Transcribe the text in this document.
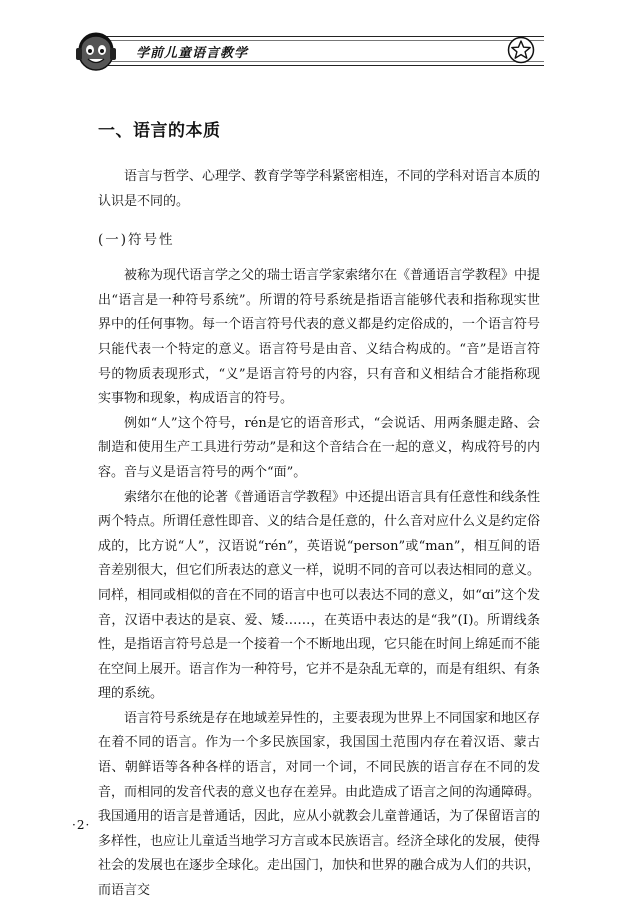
学前儿童语言教学
一、语言的本质

语言与哲学、心理学、教育学等学科紧密相连，不同的学科对语言本质的认识是不同的。

(一)符号性

被称为现代语言学之父的瑞士语言学家索绪尔在《普通语言学教程》中提出“语言是一种符号系统”。所谓的符号系统是指语言能够代表和指称现实世界中的任何事物。每一个语言符号代表的意义都是约定俗成的，一个语言符号只能代表一个特定的意义。语言符号是由音、义结合构成的。“音”是语言符号的物质表现形式，“义”是语言符号的内容，只有音和义相结合才能指称现实事物和现象，构成语言的符号。

例如“人”这个符号，rén是它的语音形式，“会说话、用两条腿走路、会制造和使用生产工具进行劳动”是和这个音结合在一起的意义，构成符号的内容。音与义是语言符号的两个“面”。

索绪尔在他的论著《普通语言学教程》中还提出语言具有任意性和线条性两个特点。所谓任意性即音、义的结合是任意的，什么音对应什么义是约定俗成的，比方说“人”，汉语说“rén”，英语说“person”或“man”，相互间的语音差别很大，但它们所表达的意义一样，说明不同的音可以表达相同的意义。同样，相同或相似的音在不同的语言中也可以表达不同的意义，如“ɑi”这个发音，汉语中表达的是哀、爱、矮……，在英语中表达的是“我”(Ⅰ)。所谓线条性，是指语言符号总是一个接着一个不断地出现，它只能在时间上绵延而不能在空间上展开。语言作为一种符号，它并不是杂乱无章的，而是有组织、有条理的系统。

语言符号系统是存在地域差异性的，主要表现为世界上不同国家和地区存在着不同的语言。作为一个多民族国家，我国国土范围内存在着汉语、蒙古语、朝鲜语等各种各样的语言，对同一个词，不同民族的语言存在不同的发音，而相同的发音代表的意义也存在差异。由此造成了语言之间的沟通障碍。我国通用的语言是普通话，因此，应从小就教会儿童普通话，为了保留语言的多样性，也应让儿童适当地学习方言或本民族语言。经济全球化的发展，使得社会的发展也在逐步全球化。走出国门，加快和世界的融合成为人们的共识，而语言交

·2·
